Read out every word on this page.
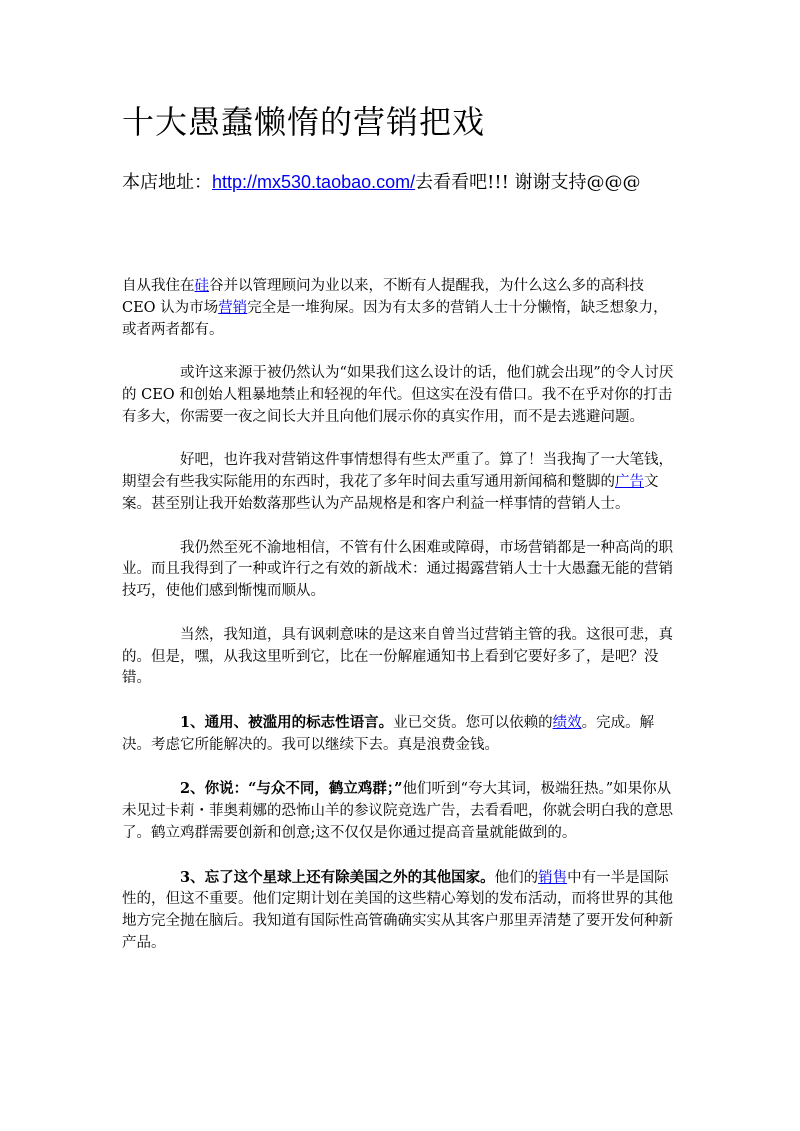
十大愚蠢懒惰的营销把戏
本店地址：http://mx530.taobao.com/去看看吧!!! 谢谢支持@@@

自从我住在硅谷并以管理顾问为业以来，不断有人提醒我，为什么这么多的高科技 CEO 认为市场营销完全是一堆狗屎。因为有太多的营销人士十分懒惰，缺乏想象力，或者两者都有。

或许这来源于被仍然认为“如果我们这么设计的话，他们就会出现”的令人讨厌的 CEO 和创始人粗暴地禁止和轻视的年代。但这实在没有借口。我不在乎对你的打击有多大，你需要一夜之间长大并且向他们展示你的真实作用，而不是去逃避问题。

好吧，也许我对营销这件事情想得有些太严重了。算了！当我掏了一大笔钱，期望会有些我实际能用的东西时，我花了多年时间去重写通用新闻稿和蹩脚的广告文案。甚至别让我开始数落那些认为产品规格是和客户利益一样事情的营销人士。

我仍然至死不渝地相信，不管有什么困难或障碍，市场营销都是一种高尚的职业。而且我得到了一种或许行之有效的新战术：通过揭露营销人士十大愚蠢无能的营销技巧，使他们感到惭愧而顺从。

当然，我知道，具有讽刺意味的是这来自曾当过营销主管的我。这很可悲，真的。但是，嘿，从我这里听到它，比在一份解雇通知书上看到它要好多了，是吧？没错。

1、通用、被滥用的标志性语言。业已交货。您可以依赖的绩效。完成。解决。考虑它所能解决的。我可以继续下去。真是浪费金钱。

2、你说：“与众不同，鹤立鸡群；”他们听到“夸大其词，极端狂热。”如果你从未见过卡莉・菲奥莉娜的恐怖山羊的参议院竞选广告，去看看吧，你就会明白我的意思了。鹤立鸡群需要创新和创意;这不仅仅是你通过提高音量就能做到的。

3、忘了这个星球上还有除美国之外的其他国家。他们的销售中有一半是国际性的，但这不重要。他们定期计划在美国的这些精心筹划的发布活动，而将世界的其他地方完全抛在脑后。我知道有国际性高管确确实实从其客户那里弄清楚了要开发何种新产品。
